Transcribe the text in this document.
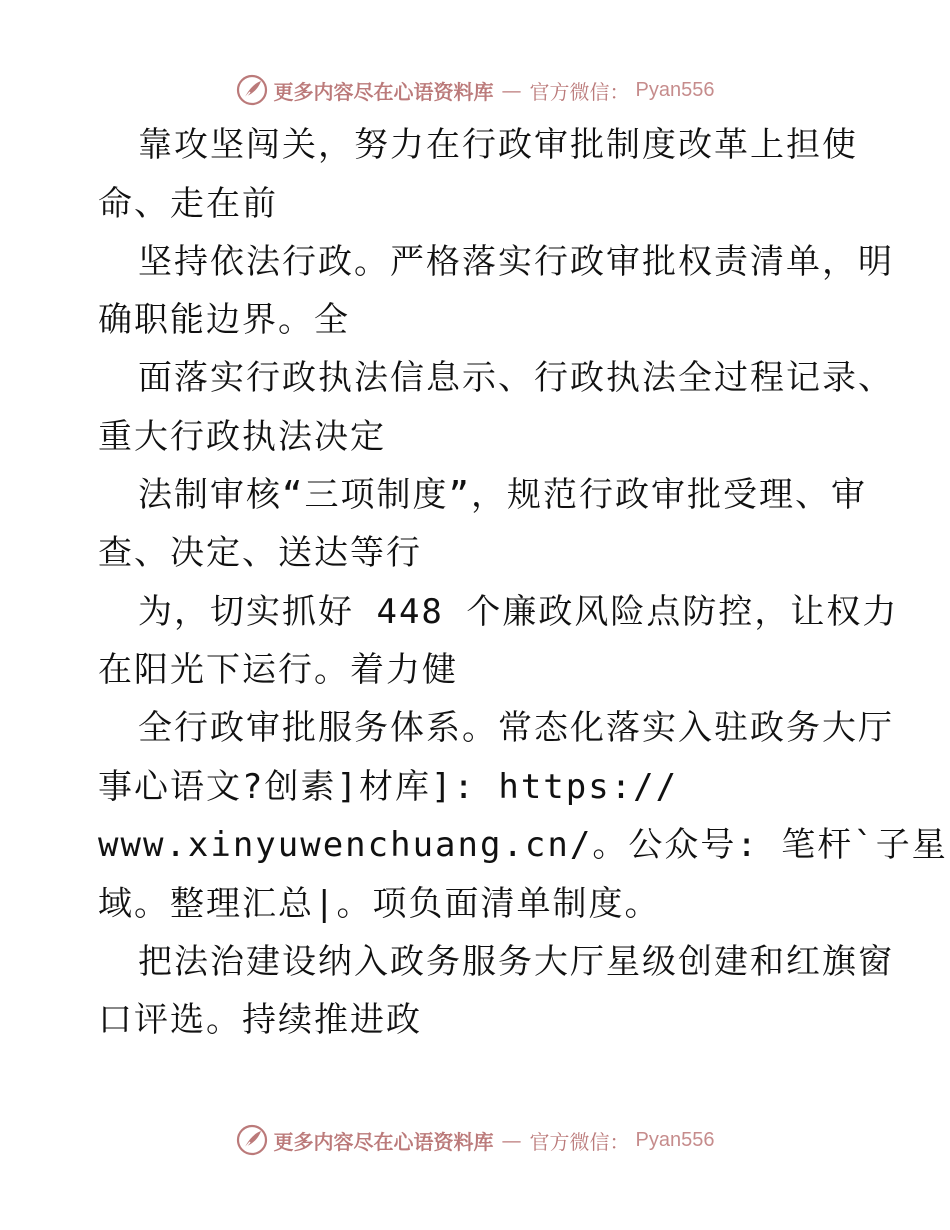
更多内容尽在心语资料库 — 官方微信： Pyan556
靠攻坚闯关，努力在行政审批制度改革上担使
命、走在前
坚持依法行政。严格落实行政审批权责清单，明
确职能边界。全
面落实行政执法信息示、行政执法全过程记录、
重大行政执法决定
法制审核“三项制度”，规范行政审批受理、审
查、决定、送达等行
为，切实抓好 448 个廉政风险点防控，让权力
在阳光下运行。着力健
全行政审批服务体系。常态化落实入驻政务大厅
事心语文?创素]材库]: https://
www.xinyuwenchuang.cn/。公众号: 笔杆`子星
域。整理汇总|。项负面清单制度。
把法治建设纳入政务服务大厅星级创建和红旗窗
口评选。持续推进政
更多内容尽在心语资料库 — 官方微信： Pyan556
